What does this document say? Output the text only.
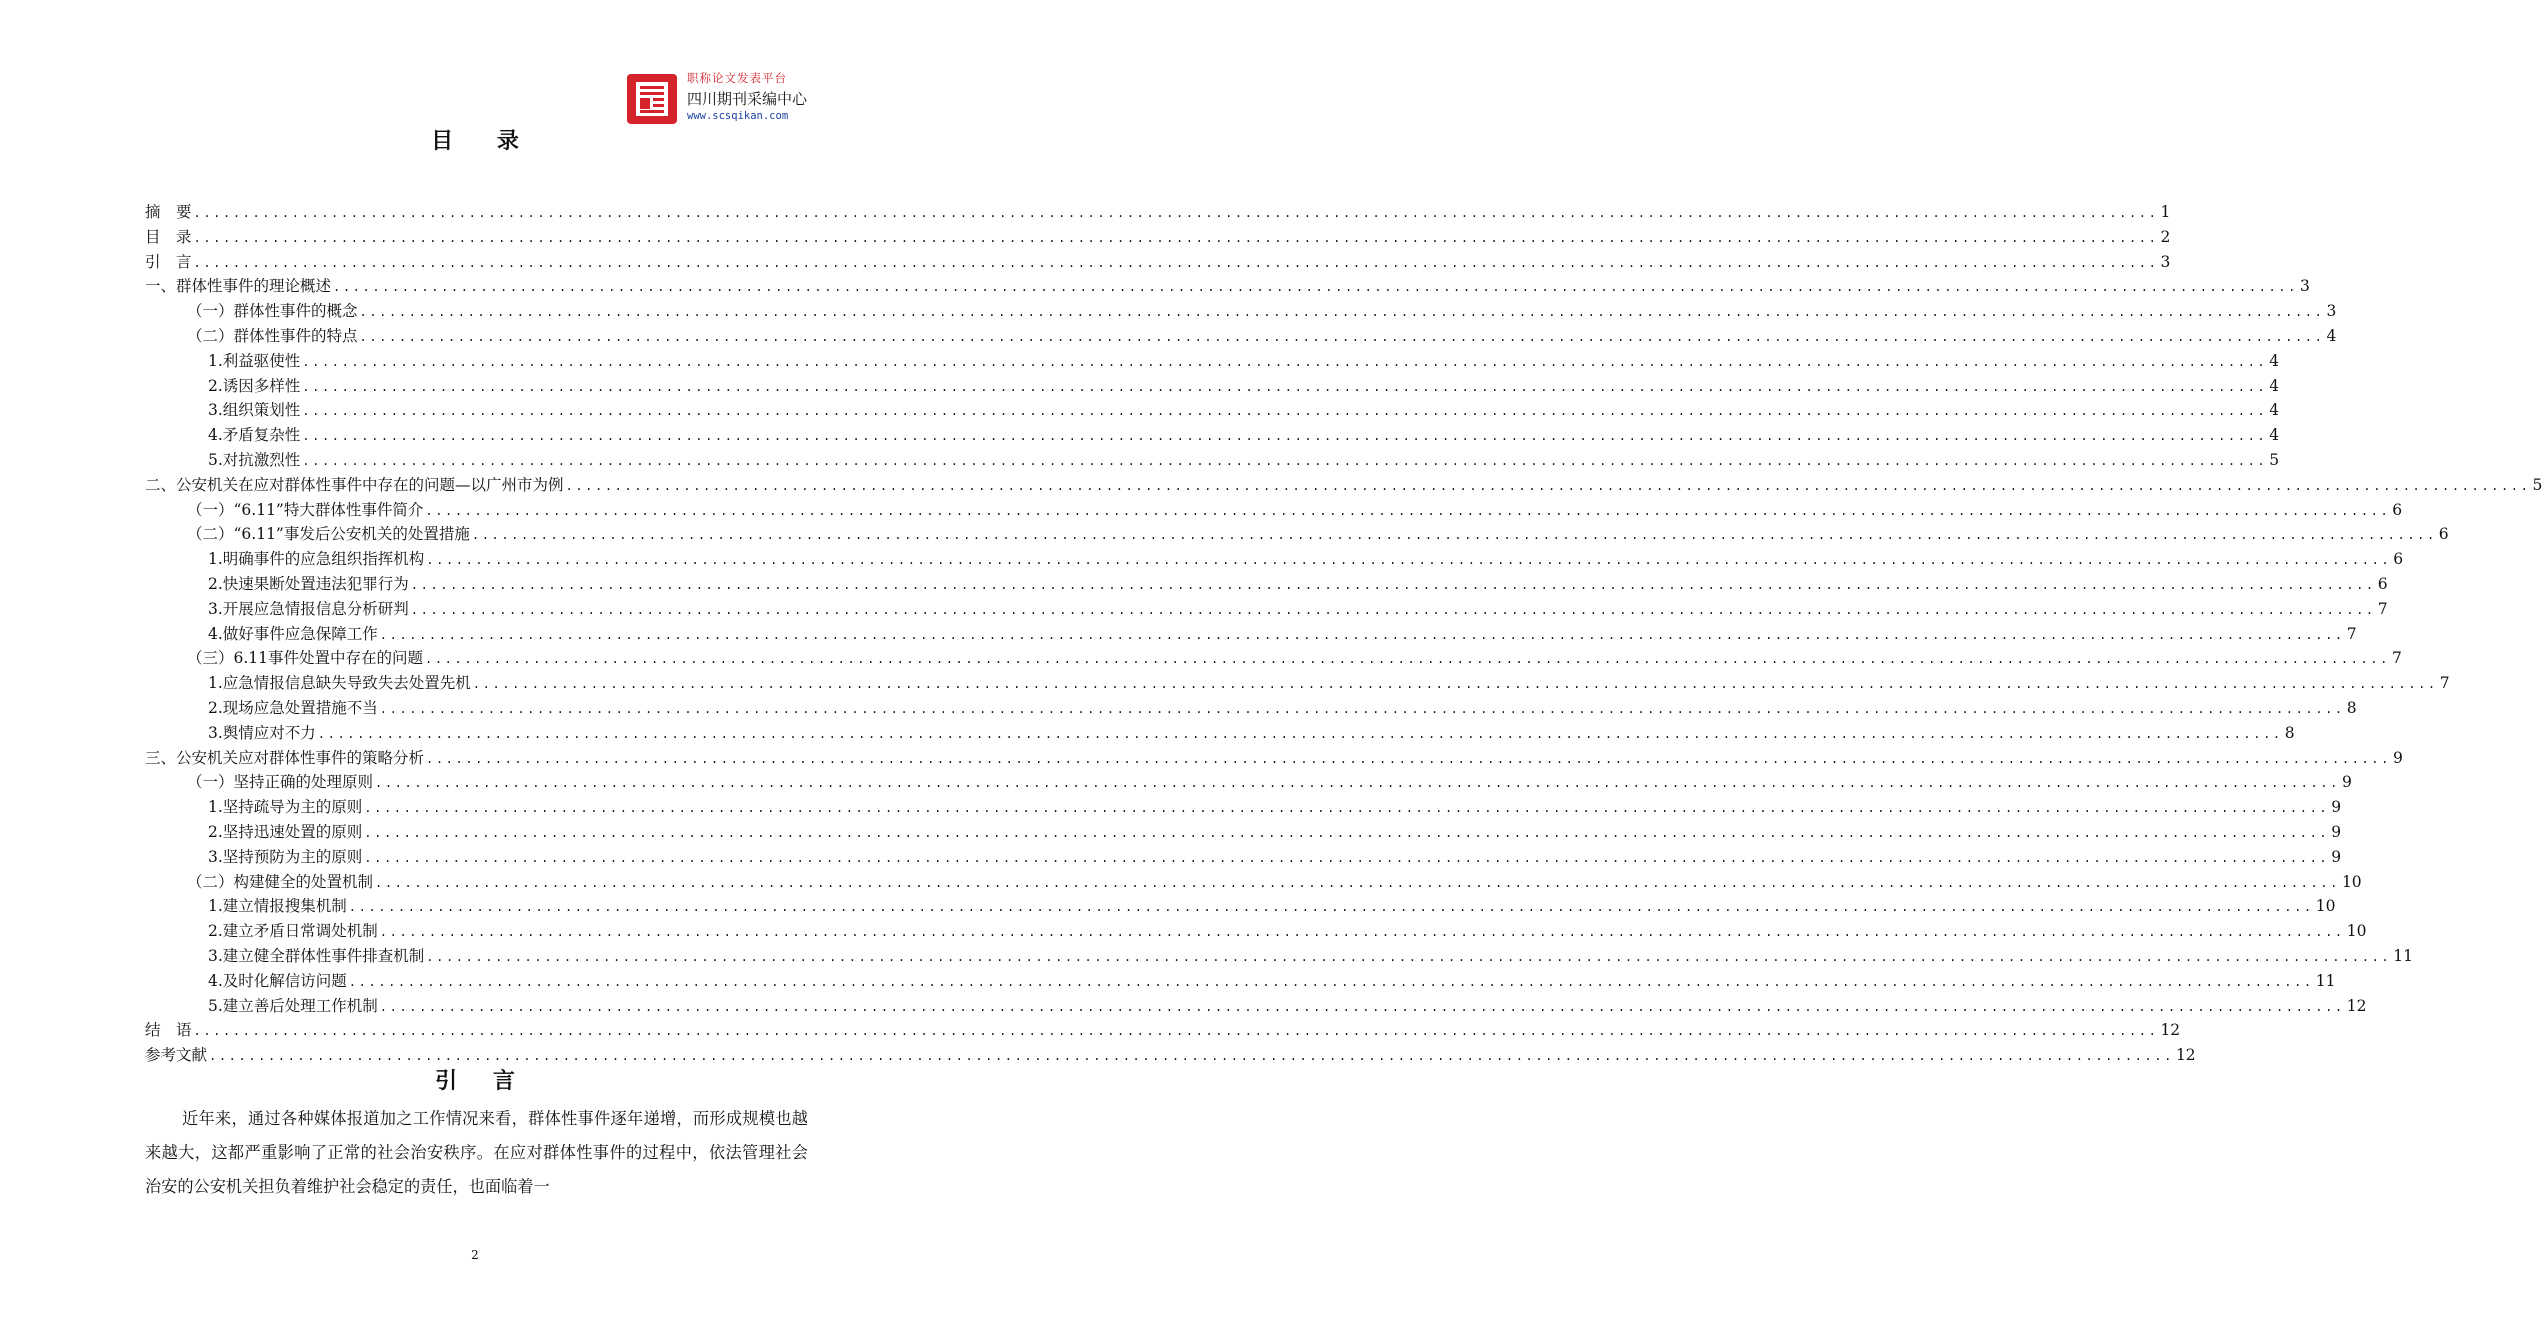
职称论文发表平台
四川期刊采编中心
www.scsqikan.com
目 录
摘　要 ........................................................................................................................................................................................................ 1
目　录 ........................................................................................................................................................................................................ 2
引　言 ........................................................................................................................................................................................................ 3
一、群体性事件的理论概述 ........................................................................................................................................................................................................ 3
（一）群体性事件的概念 ........................................................................................................................................................................................................ 3
（二）群体性事件的特点 ........................................................................................................................................................................................................ 4
1.利益驱使性 ........................................................................................................................................................................................................ 4
2.诱因多样性 ........................................................................................................................................................................................................ 4
3.组织策划性 ........................................................................................................................................................................................................ 4
4.矛盾复杂性 ........................................................................................................................................................................................................ 4
5.对抗激烈性 ........................................................................................................................................................................................................ 5
二、公安机关在应对群体性事件中存在的问题—以广州市为例 ........................................................................................................................................................................................................ 5
（一）“6.11”特大群体性事件简介 ........................................................................................................................................................................................................ 6
（二）“6.11”事发后公安机关的处置措施 ........................................................................................................................................................................................................ 6
1.明确事件的应急组织指挥机构 ........................................................................................................................................................................................................ 6
2.快速果断处置违法犯罪行为 ........................................................................................................................................................................................................ 6
3.开展应急情报信息分析研判 ........................................................................................................................................................................................................ 7
4.做好事件应急保障工作 ........................................................................................................................................................................................................ 7
（三）6.11事件处置中存在的问题 ........................................................................................................................................................................................................ 7
1.应急情报信息缺失导致失去处置先机 ........................................................................................................................................................................................................ 7
2.现场应急处置措施不当 ........................................................................................................................................................................................................ 8
3.舆情应对不力 ........................................................................................................................................................................................................ 8
三、公安机关应对群体性事件的策略分析 ........................................................................................................................................................................................................ 9
（一）坚持正确的处理原则 ........................................................................................................................................................................................................ 9
1.坚持疏导为主的原则 ........................................................................................................................................................................................................ 9
2.坚持迅速处置的原则 ........................................................................................................................................................................................................ 9
3.坚持预防为主的原则 ........................................................................................................................................................................................................ 9
（二）构建健全的处置机制 ........................................................................................................................................................................................................ 10
1.建立情报搜集机制 ........................................................................................................................................................................................................ 10
2.建立矛盾日常调处机制 ........................................................................................................................................................................................................ 10
3.建立健全群体性事件排查机制 ........................................................................................................................................................................................................ 11
4.及时化解信访问题 ........................................................................................................................................................................................................ 11
5.建立善后处理工作机制 ........................................................................................................................................................................................................ 12
结　语 ........................................................................................................................................................................................................ 12
参考文献 ........................................................................................................................................................................................................ 12
引 言
近年来，通过各种媒体报道加之工作情况来看，群体性事件逐年递增，而形成规模也越来越大，这都严重影响了正常的社会治安秩序。在应对群体性事件的过程中，依法管理社会治安的公安机关担负着维护社会稳定的责任，也面临着一
2
